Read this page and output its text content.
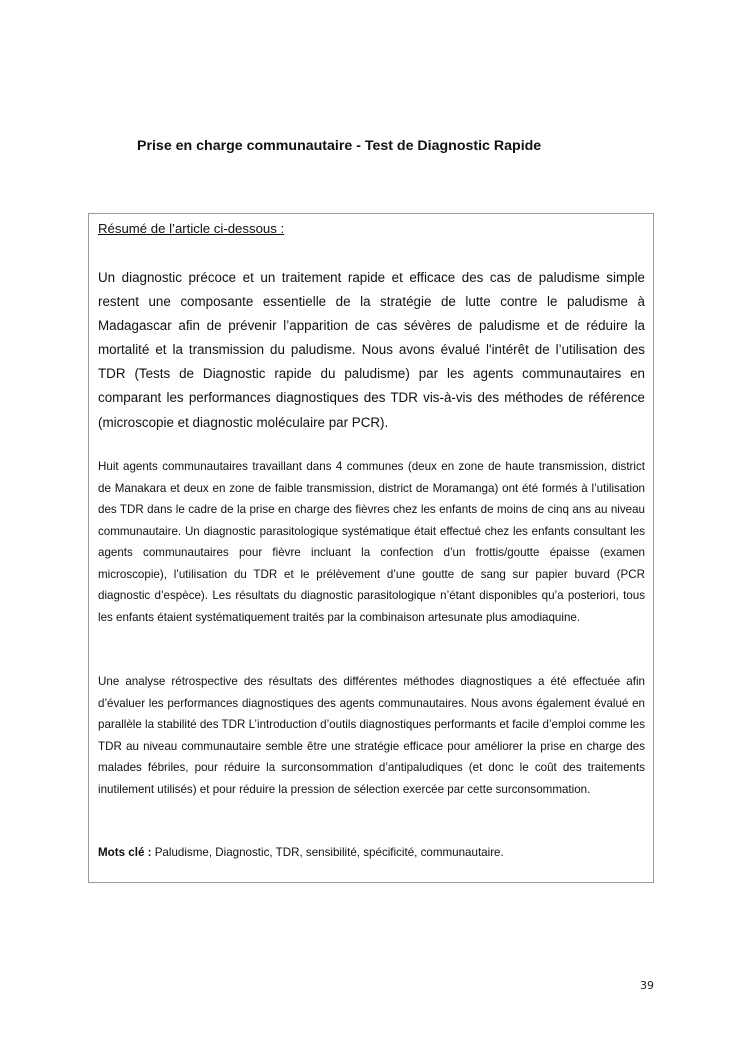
Prise en charge communautaire - Test de Diagnostic Rapide
Résumé de l’article ci-dessous :

Un diagnostic précoce et un traitement rapide et efficace des cas de paludisme simple restent une composante essentielle de la stratégie de lutte contre le paludisme à Madagascar afin de prévenir l’apparition de cas sévères de paludisme et de réduire la mortalité et la transmission du paludisme. Nous avons évalué l'intérêt de l’utilisation des TDR (Tests de Diagnostic rapide du paludisme) par les agents communautaires en comparant les performances diagnostiques des TDR vis-à-vis des méthodes de référence (microscopie et diagnostic moléculaire par PCR).

Huit agents communautaires travaillant dans 4 communes (deux en zone de haute transmission, district de Manakara et deux en zone de faible transmission, district de Moramanga) ont été formés à l’utilisation des TDR dans le cadre de la prise en charge des fièvres chez les enfants de moins de cinq ans au niveau communautaire. Un diagnostic parasitologique systématique était effectué chez les enfants consultant les agents communautaires pour fièvre incluant la confection d’un frottis/goutte épaisse (examen microscopie), l’utilisation du TDR et le prélèvement d’une goutte de sang sur papier buvard (PCR diagnostic d’espèce). Les résultats du diagnostic parasitologique n’étant disponibles qu’a posteriori, tous les enfants étaient systématiquement traités par la combinaison artesunate plus amodiaquine.

Une analyse rétrospective des résultats des différentes méthodes diagnostiques a été effectuée afin d’évaluer les performances diagnostiques des agents communautaires. Nous avons également évalué en parallèle la stabilité des TDR L’introduction d’outils diagnostiques performants et facile d’emploi comme les TDR au niveau communautaire semble être une stratégie efficace pour améliorer la prise en charge des malades fébriles, pour réduire la surconsommation d’antipaludiques (et donc le coût des traitements inutilement utilisés) et pour réduire la pression de sélection exercée par cette surconsommation.

Mots clé : Paludisme, Diagnostic, TDR, sensibilité, spécificité, communautaire.
39
